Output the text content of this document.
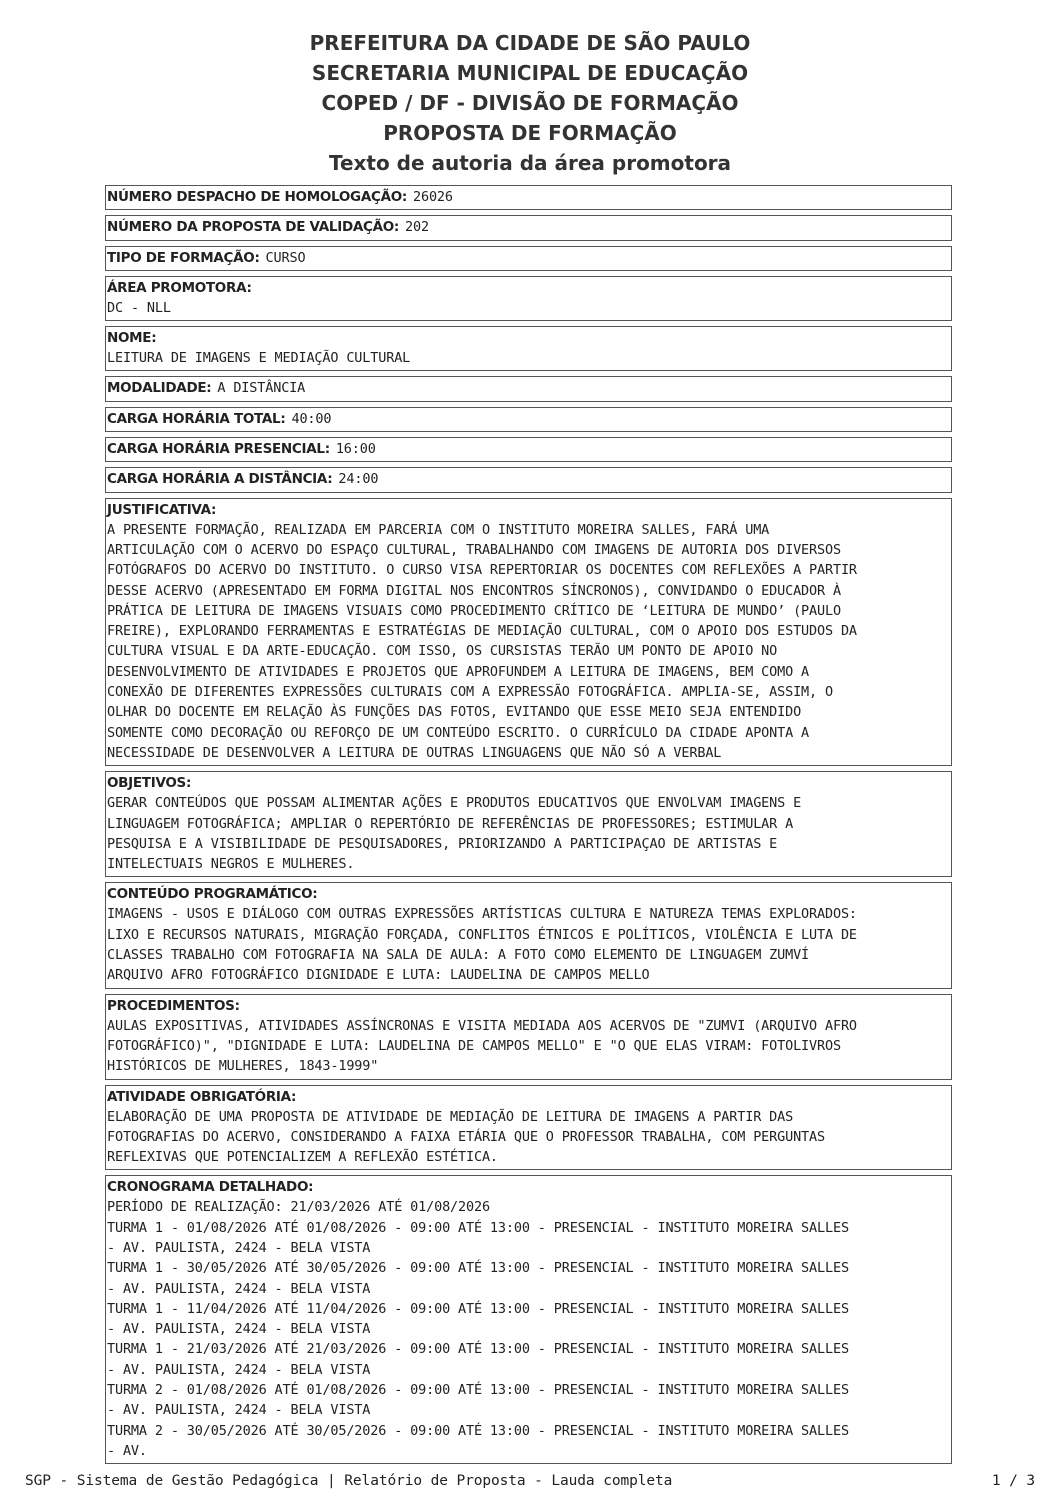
PREFEITURA DA CIDADE DE SÃO PAULO
SECRETARIA MUNICIPAL DE EDUCAÇÃO
COPED / DF - DIVISÃO DE FORMAÇÃO
PROPOSTA DE FORMAÇÃO
Texto de autoria da área promotora
NÚMERO DESPACHO DE HOMOLOGAÇÃO: 26026
NÚMERO DA PROPOSTA DE VALIDAÇÃO: 202
TIPO DE FORMAÇÃO: CURSO
ÁREA PROMOTORA:
DC - NLL
NOME:
LEITURA DE IMAGENS E MEDIAÇÃO CULTURAL
MODALIDADE: A DISTÂNCIA
CARGA HORÁRIA TOTAL: 40:00
CARGA HORÁRIA PRESENCIAL: 16:00
CARGA HORÁRIA A DISTÂNCIA: 24:00
JUSTIFICATIVA:
A PRESENTE FORMAÇÃO, REALIZADA EM PARCERIA COM O INSTITUTO MOREIRA SALLES, FARÁ UMA
ARTICULAÇÃO COM O ACERVO DO ESPAÇO CULTURAL, TRABALHANDO COM IMAGENS DE AUTORIA DOS DIVERSOS
FOTÓGRAFOS DO ACERVO DO INSTITUTO. O CURSO VISA REPERTORIAR OS DOCENTES COM REFLEXÕES A PARTIR
DESSE ACERVO (APRESENTADO EM FORMA DIGITAL NOS ENCONTROS SÍNCRONOS), CONVIDANDO O EDUCADOR À
PRÁTICA DE LEITURA DE IMAGENS VISUAIS COMO PROCEDIMENTO CRÍTICO DE ‘LEITURA DE MUNDO’ (PAULO
FREIRE), EXPLORANDO FERRAMENTAS E ESTRATÉGIAS DE MEDIAÇÃO CULTURAL, COM O APOIO DOS ESTUDOS DA
CULTURA VISUAL E DA ARTE-EDUCAÇÃO. COM ISSO, OS CURSISTAS TERÃO UM PONTO DE APOIO NO
DESENVOLVIMENTO DE ATIVIDADES E PROJETOS QUE APROFUNDEM A LEITURA DE IMAGENS, BEM COMO A
CONEXÃO DE DIFERENTES EXPRESSÕES CULTURAIS COM A EXPRESSÃO FOTOGRÁFICA. AMPLIA-SE, ASSIM, O
OLHAR DO DOCENTE EM RELAÇÃO ÀS FUNÇÕES DAS FOTOS, EVITANDO QUE ESSE MEIO SEJA ENTENDIDO
SOMENTE COMO DECORAÇÃO OU REFORÇO DE UM CONTEÚDO ESCRITO. O CURRÍCULO DA CIDADE APONTA A
NECESSIDADE DE DESENVOLVER A LEITURA DE OUTRAS LINGUAGENS QUE NÃO SÓ A VERBAL
OBJETIVOS:
GERAR CONTEÚDOS QUE POSSAM ALIMENTAR AÇÕES E PRODUTOS EDUCATIVOS QUE ENVOLVAM IMAGENS E
LINGUAGEM FOTOGRÁFICA; AMPLIAR O REPERTÓRIO DE REFERÊNCIAS DE PROFESSORES; ESTIMULAR A
PESQUISA E A VISIBILIDADE DE PESQUISADORES, PRIORIZANDO A PARTICIPAÇAO DE ARTISTAS E
INTELECTUAIS NEGROS E MULHERES.
CONTEÚDO PROGRAMÁTICO:
IMAGENS - USOS E DIÁLOGO COM OUTRAS EXPRESSÕES ARTÍSTICAS CULTURA E NATUREZA TEMAS EXPLORADOS:
LIXO E RECURSOS NATURAIS, MIGRAÇÃO FORÇADA, CONFLITOS ÉTNICOS E POLÍTICOS, VIOLÊNCIA E LUTA DE
CLASSES TRABALHO COM FOTOGRAFIA NA SALA DE AULA: A FOTO COMO ELEMENTO DE LINGUAGEM ZUMVÍ
ARQUIVO AFRO FOTOGRÁFICO DIGNIDADE E LUTA: LAUDELINA DE CAMPOS MELLO
PROCEDIMENTOS:
AULAS EXPOSITIVAS, ATIVIDADES ASSÍNCRONAS E VISITA MEDIADA AOS ACERVOS DE "ZUMVI (ARQUIVO AFRO
FOTOGRÁFICO)", "DIGNIDADE E LUTA: LAUDELINA DE CAMPOS MELLO" E "O QUE ELAS VIRAM: FOTOLIVROS
HISTÓRICOS DE MULHERES, 1843-1999"
ATIVIDADE OBRIGATÓRIA:
ELABORAÇÃO DE UMA PROPOSTA DE ATIVIDADE DE MEDIAÇÃO DE LEITURA DE IMAGENS A PARTIR DAS
FOTOGRAFIAS DO ACERVO, CONSIDERANDO A FAIXA ETÁRIA QUE O PROFESSOR TRABALHA, COM PERGUNTAS
REFLEXIVAS QUE POTENCIALIZEM A REFLEXÃO ESTÉTICA.
CRONOGRAMA DETALHADO:
PERÍODO DE REALIZAÇÃO: 21/03/2026 ATÉ 01/08/2026
TURMA 1 - 01/08/2026 ATÉ 01/08/2026 - 09:00 ATÉ 13:00 - PRESENCIAL - INSTITUTO MOREIRA SALLES
- AV. PAULISTA, 2424 - BELA VISTA
TURMA 1 - 30/05/2026 ATÉ 30/05/2026 - 09:00 ATÉ 13:00 - PRESENCIAL - INSTITUTO MOREIRA SALLES
- AV. PAULISTA, 2424 - BELA VISTA
TURMA 1 - 11/04/2026 ATÉ 11/04/2026 - 09:00 ATÉ 13:00 - PRESENCIAL - INSTITUTO MOREIRA SALLES
- AV. PAULISTA, 2424 - BELA VISTA
TURMA 1 - 21/03/2026 ATÉ 21/03/2026 - 09:00 ATÉ 13:00 - PRESENCIAL - INSTITUTO MOREIRA SALLES
- AV. PAULISTA, 2424 - BELA VISTA
TURMA 2 - 01/08/2026 ATÉ 01/08/2026 - 09:00 ATÉ 13:00 - PRESENCIAL - INSTITUTO MOREIRA SALLES
- AV. PAULISTA, 2424 - BELA VISTA
TURMA 2 - 30/05/2026 ATÉ 30/05/2026 - 09:00 ATÉ 13:00 - PRESENCIAL - INSTITUTO MOREIRA SALLES
- AV.
SGP - Sistema de Gestão Pedagógica | Relatório de Proposta - Lauda completa	1 / 3
